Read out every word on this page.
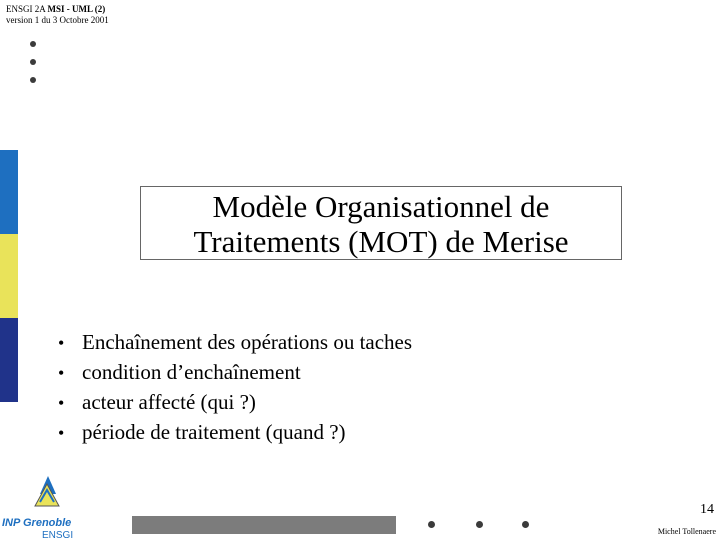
ENSGI 2A MSI - UML (2)
version 1 du 3 Octobre 2001
Modèle Organisationnel de
Traitements (MOT) de Merise
• Enchaînement des opérations ou taches
• condition d’enchaînement
• acteur affecté (qui ?)
• période de traitement (quand ?)
INP Grenoble
ENSGI
14
Michel Tollenaere
